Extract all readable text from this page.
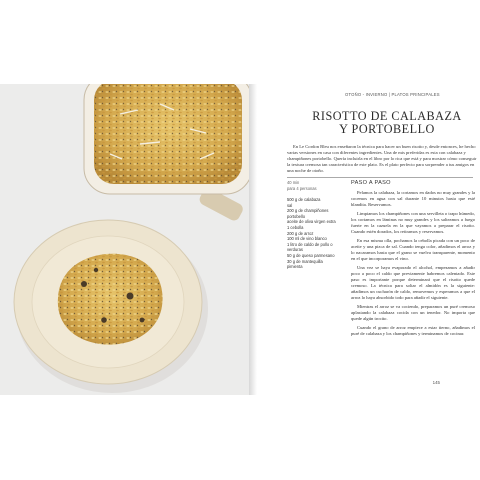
OTOÑO - INVIERNO | PLATOS PRINCIPALES
RISOTTO DE CALABAZA
Y PORTOBELLO

En Le Cordon Bleu nos enseñaron la técnica para hacer un buen risotto y, desde entonces, he hecho varias versiones en casa con diferentes ingredientes. Una de mis preferidas es esta con calabaza y champiñones portobello. Quería incluirla en el libro por lo rica que está y para mostrar cómo conseguir la textura cremosa tan característica de este plato. Es el plato perfecto para sorprender a tus amigos en una noche de otoño.

40 min
para 4 personas
500 g de calabaza
sal
200 g de champiñones portobello
aceite de oliva virgen extra
1 cebolla
200 g de arroz
100 ml de vino blanco
1 litro de caldo de pollo o verduras
50 g de queso parmesano
30 g de mantequilla
pimienta
PASO A PASO

Pelamos la calabaza, la cortamos en dados no muy grandes y la cocemos en agua con sal durante 10 minutos hasta que esté blandita. Reservamos.

Limpiamos los champiñones con una servilleta o trapo húmedo, los cortamos en láminas no muy grandes y los salteamos a fuego fuerte en la cazuela en la que vayamos a preparar el risotto. Cuando estén dorados, los retiramos y reservamos.

En esa misma olla, pochamos la cebolla picada con un poco de aceite y una pizca de sal. Cuando tenga color, añadimos el arroz y lo nacaramos hasta que el grano se vuelva transparente, momento en el que incorporamos el vino.

Una vez se haya evaporado el alcohol, empezamos a añadir poco a poco el caldo que previamente habremos calentado. Este paso es importante porque determinará que el risotto quede cremoso. La técnica para soltar el almidón es la siguiente: añadimos un cucharón de caldo, removemos y esperamos a que el arroz lo haya absorbido todo para añadir el siguiente.

Mientras el arroz se va cociendo, preparamos un puré cremoso aplastando la calabaza cocida con un tenedor. No importa que quede algún trocito.

Cuando el grano de arroz empiece a estar tierno, añadimos el puré de calabaza y los champiñones y terminamos de cocinar.

145
